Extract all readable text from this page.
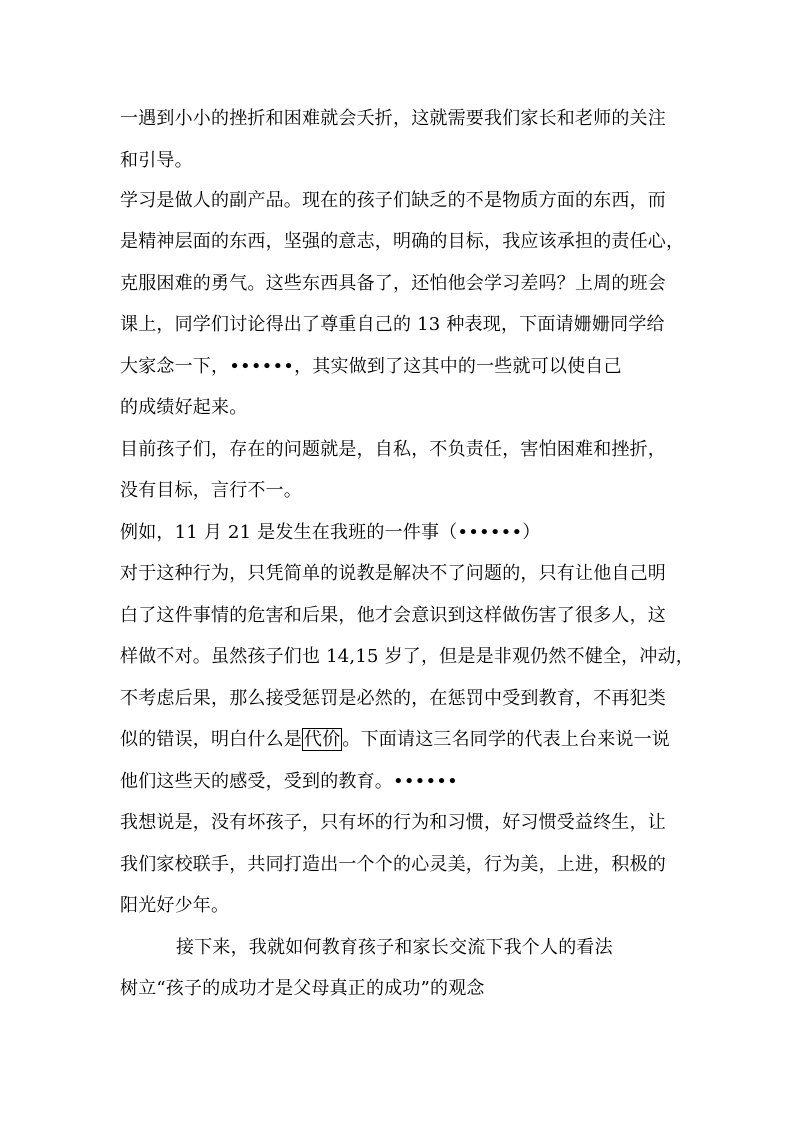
一遇到小小的挫折和困难就会夭折，这就需要我们家长和老师的关注
和引导。
学习是做人的副产品。现在的孩子们缺乏的不是物质方面的东西，而
是精神层面的东西，坚强的意志，明确的目标，我应该承担的责任心，
克服困难的勇气。这些东西具备了，还怕他会学习差吗？上周的班会
课上，同学们讨论得出了尊重自己的 13 种表现，下面请姗姗同学给
大家念一下，••••••，其实做到了这其中的一些就可以使自己
的成绩好起来。
目前孩子们，存在的问题就是，自私，不负责任，害怕困难和挫折，
没有目标，言行不一。
例如，11 月 21 是发生在我班的一件事（••••••）
对于这种行为，只凭简单的说教是解决不了问题的，只有让他自己明
白了这件事情的危害和后果，他才会意识到这样做伤害了很多人，这
样做不对。虽然孩子们也 14,15 岁了，但是是非观仍然不健全，冲动，
不考虑后果，那么接受惩罚是必然的，在惩罚中受到教育，不再犯类
似的错误，明白什么是 代价 。下面请这三名同学的代表上台来说一说
他们这些天的感受，受到的教育。••••••
我想说是，没有坏孩子，只有坏的行为和习惯，好习惯受益终生，让
我们家校联手，共同打造出一个个的心灵美，行为美，上进，积极的
阳光好少年。
接下来，我就如何教育孩子和家长交流下我个人的看法
树立“孩子的成功才是父母真正的成功”的观念
